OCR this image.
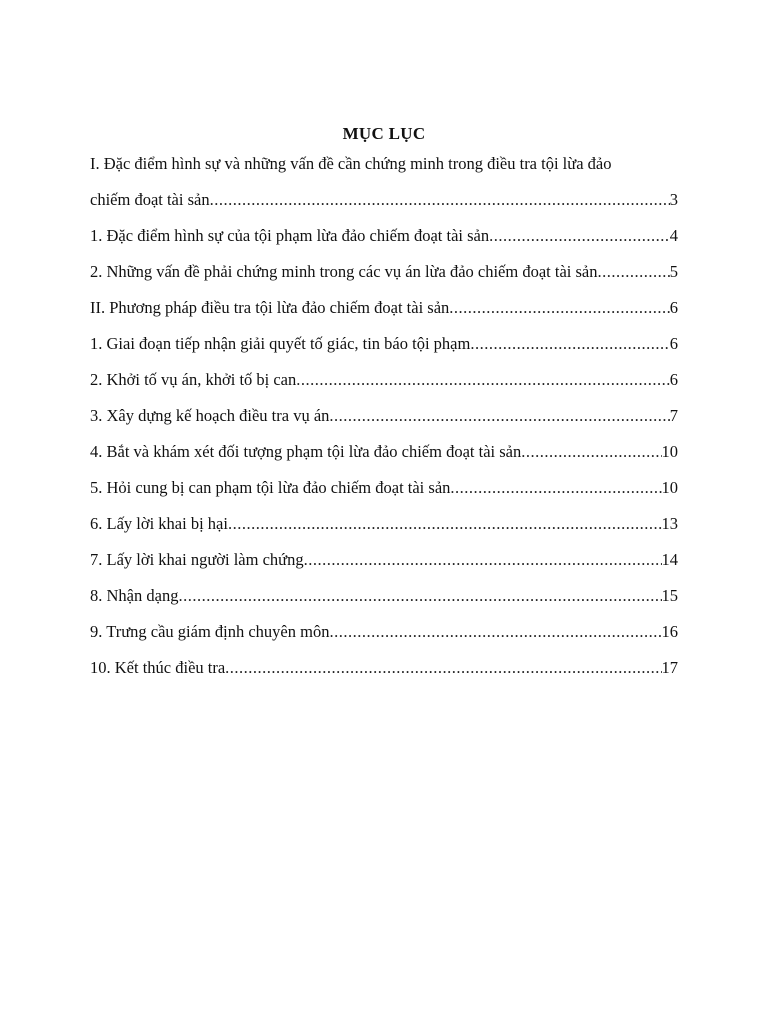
MỤC LỤC

I. Đặc điểm hình sự và những vấn đề cần chứng minh trong điều tra tội lừa đảo

chiếm đoạt tài sản .....	3
1. Đặc điểm hình sự của tội phạm lừa đảo chiếm đoạt tài sản .....	4
2. Những vấn đề phải chứng minh trong các vụ án lừa đảo chiếm đoạt tài sản .....	5
II. Phương pháp điều tra tội lừa đảo chiếm đoạt tài sản .....	6
1. Giai đoạn tiếp nhận giải quyết tố giác, tin báo tội phạm .....	6
2. Khởi tố vụ án, khởi tố bị can .....	6
3. Xây dựng kế hoạch điều tra vụ án .....	7
4. Bắt và khám xét đối tượng phạm tội lừa đảo chiếm đoạt tài sản .....	10
5. Hỏi cung bị can phạm tội lừa đảo chiếm đoạt tài sản .....	10
6. Lấy lời khai bị hại .....	13
7. Lấy lời khai người làm chứng .....	14
8. Nhận dạng .....	15
9. Trưng cầu giám định chuyên môn .....	16
10. Kết thúc điều tra .....	17
